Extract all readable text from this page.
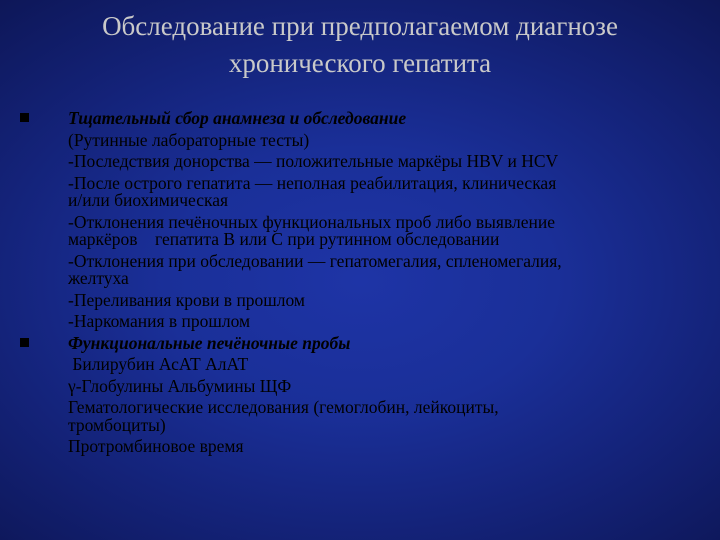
Обследование при предполагаемом диагнозе хронического гепатита
Тщательный сбор анамнеза и обследование
(Рутинные лабораторные тесты)
-Последствия донорства — положительные маркёры HBV и HCV
-После острого гепатита — неполная реабилитация, клиническая
и/или биохимическая
-Отклонения печёночных функциональных проб либо выявление
маркёров    гепатита В или С при рутинном обследовании
-Отклонения при обследовании — гепатомегалия, спленомегалия,
желтуха
-Переливания крови в прошлом
-Наркомания в прошлом
Функциональные печёночные пробы
Билирубин АсАТ АлАТ
γ-Глобулины Альбумины ЩФ
Гематологические исследования (гемоглобин, лейкоциты,
тромбоциты)
Протромбиновое время
